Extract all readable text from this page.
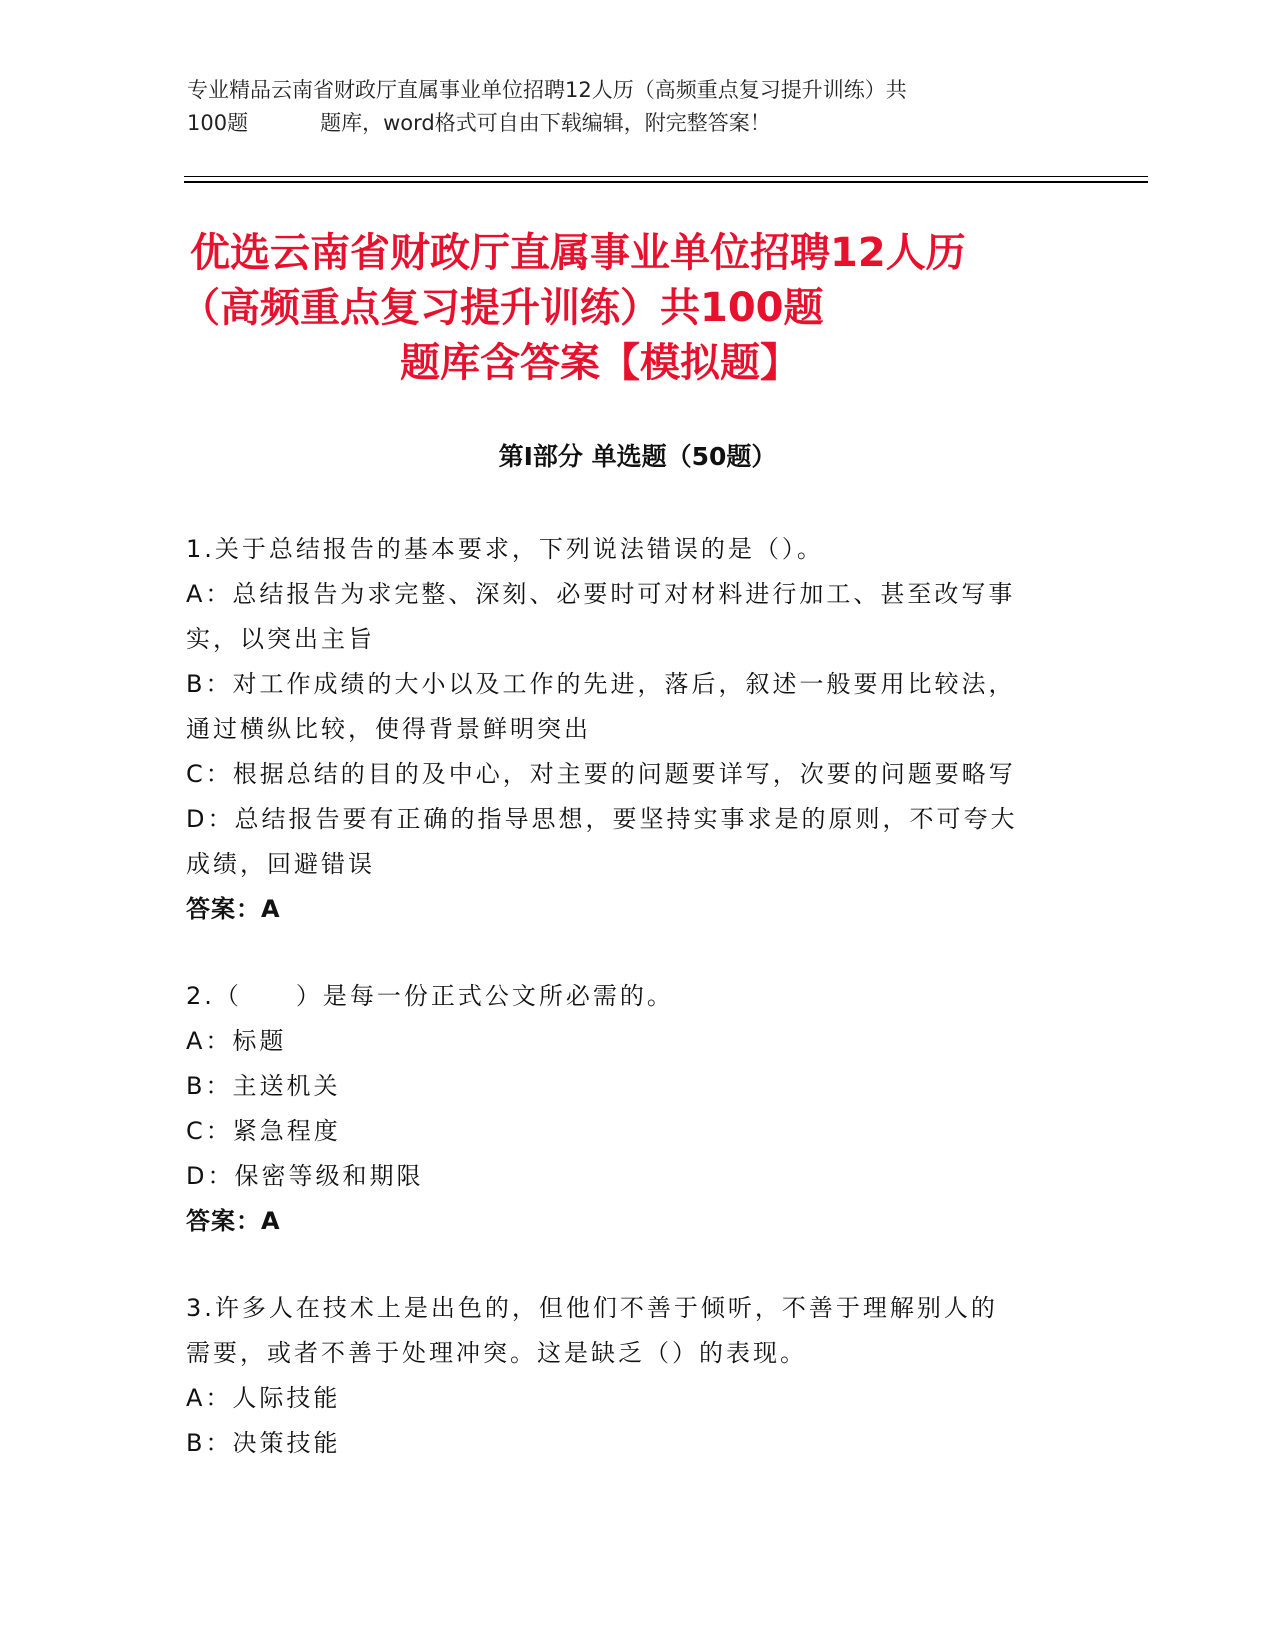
专业精品云南省财政厅直属事业单位招聘12人历（高频重点复习提升训练）共
100题	题库，word格式可自由下载编辑，附完整答案！
优选云南省财政厅直属事业单位招聘12人历
（高频重点复习提升训练）共100题
题库含答案【模拟题】
第Ⅰ部分 单选题（50题）
1.关于总结报告的基本要求，下列说法错误的是（）。
A：总结报告为求完整、深刻、必要时可对材料进行加工、甚至改写事
实，以突出主旨
B：对工作成绩的大小以及工作的先进，落后，叙述一般要用比较法，
通过横纵比较，使得背景鲜明突出
C：根据总结的目的及中心，对主要的问题要详写，次要的问题要略写
D：总结报告要有正确的指导思想，要坚持实事求是的原则，不可夸大
成绩，回避错误
答案：A
2.（　　）是每一份正式公文所必需的。
A：标题
B：主送机关
C：紧急程度
D：保密等级和期限
答案：A
3.许多人在技术上是出色的，但他们不善于倾听，不善于理解别人的
需要，或者不善于处理冲突。这是缺乏（）的表现。
A：人际技能
B：决策技能
